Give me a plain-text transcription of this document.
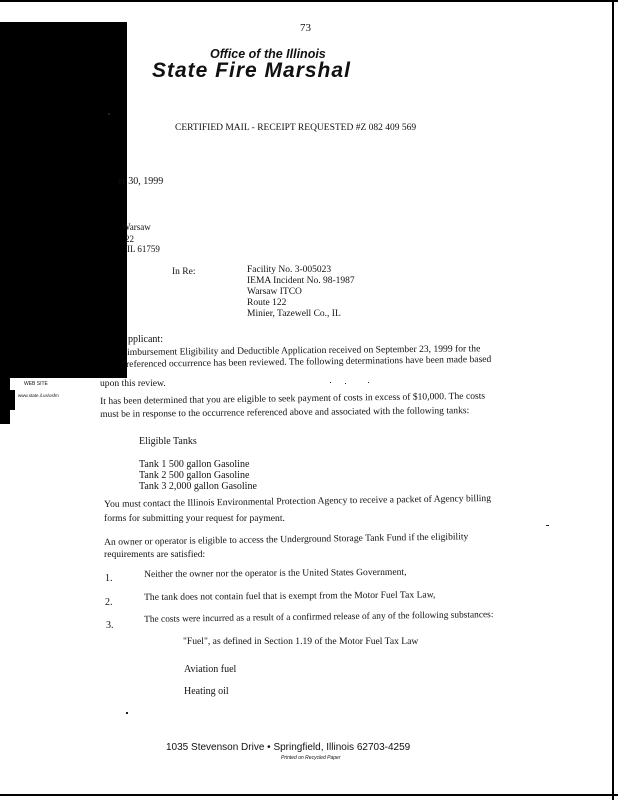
73
Office of the Illinois
State Fire Marshal
CERTIFIED MAIL - RECEIPT REQUESTED #Z 082 409 569
er 30, 1999
Warsaw
22
IL 61759
In Re:	Facility No. 3-005023
IEMA Incident No. 98-1987
Warsaw ITCO
Route 122
Minier, Tazewell Co., IL
pplicant:
imbursement Eligibility and Deductible Application received on September 23, 1999 for the
referenced occurrence has been reviewed. The following determinations have been made based
upon this review.
WEB SITE
www.state.il.us/osfm	It has been determined that you are eligible to seek payment of costs in excess of $10,000. The costs
must be in response to the occurrence referenced above and associated with the following tanks:
Eligible Tanks
Tank 1 500 gallon Gasoline
Tank 2 500 gallon Gasoline
Tank 3 2,000 gallon Gasoline
You must contact the Illinois Environmental Protection Agency to receive a packet of Agency billing
forms for submitting your request for payment.
An owner or operator is eligible to access the Underground Storage Tank Fund if the eligibility
requirements are satisfied:
1.	Neither the owner nor the operator is the United States Government,
2.	The tank does not contain fuel that is exempt from the Motor Fuel Tax Law,
3.
The costs were incurred as a result of a confirmed release of any of the following substances:
"Fuel", as defined in Section 1.19 of the Motor Fuel Tax Law
Aviation fuel
Heating oil
1035 Stevenson Drive • Springfield, Illinois 62703-4259
Printed on Recycled Paper
